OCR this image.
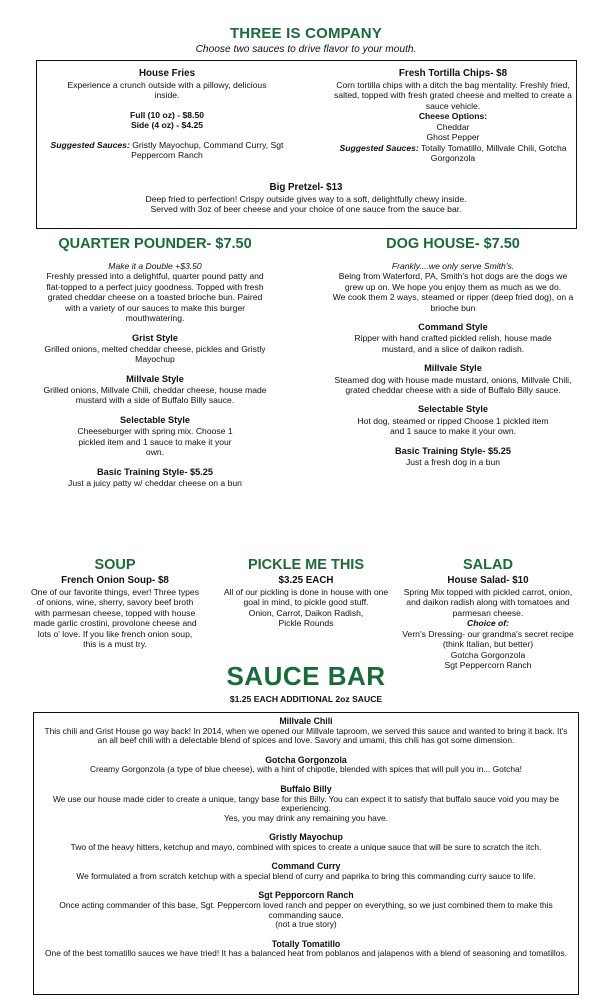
THREE IS COMPANY
Choose two sauces to drive flavor to your mouth.
House Fries
Experience a crunch outside with a pillowy, delicious inside.
Full (10 oz) - $8.50
Side (4 oz) - $4.25
Suggested Sauces: Gristly Mayochup, Command Curry, Sgt Peppercorn Ranch
Fresh Tortilla Chips- $8
Corn tortilla chips with a ditch the bag mentality. Freshly fried, salted, topped with fresh grated cheese and melted to create a sauce vehicle.
Cheese Options:
Cheddar
Ghost Pepper
Suggested Sauces: Totally Tomatillo, Millvale Chili, Gotcha Gorgonzola
Big Pretzel- $13
Deep fried to perfection! Crispy outside gives way to a soft, delightfully chewy inside.
Served with 3oz of beer cheese and your choice of one sauce from the sauce bar.
QUARTER POUNDER- $7.50
Make it a Double +$3.50
Freshly pressed into a delightful, quarter pound patty and flat-topped to a perfect juicy goodness. Topped with fresh grated cheddar cheese on a toasted brioche bun. Paired with a variety of our sauces to make this burger mouthwatering.
Grist Style
Grilled onions, melted cheddar cheese, pickles and Gristly Mayochup
Millvale Style
Grilled onions, Millvale Chili, cheddar cheese, house made mustard with a side of Buffalo Billy sauce.
Selectable Style
Cheeseburger with spring mix. Choose 1 pickled item and 1 sauce to make it your own.
Basic Training Style- $5.25
Just a juicy patty w/ cheddar cheese on a bun
DOG HOUSE- $7.50
Frankly....we only serve Smith's.
Being from Waterford, PA, Smith's hot dogs are the dogs we grew up on. We hope you enjoy them as much as we do.
We cook them 2 ways, steamed or ripper (deep fried dog), on a brioche bun
Command Style
Ripper with hand crafted pickled relish, house made mustard, and a slice of daikon radish.
Millvale Style
Steamed dog with house made mustard, onions, Millvale Chili, grated cheddar cheese with a side of Buffalo Billy sauce.
Selectable Style
Hot dog, steamed or ripped Choose 1 pickled item and 1 sauce to make it your own.
Basic Training Style- $5.25
Just a fresh dog in a bun
SOUP
French Onion Soup- $8
One of our favorite things, ever! Three types of onions, wine, sherry, savory beef broth with parmesan cheese, topped with house made garlic crostini, provolone cheese and lots o' love. If you like french onion soup, this is a must try.
PICKLE ME THIS
$3.25 EACH
All of our pickling is done in house with one goal in mind, to pickle good stuff.
Onion, Carrot, Daikon Radish, Pickle Rounds
SALAD
House Salad- $10
Spring Mix topped with pickled carrot, onion, and daikon radish along with tomatoes and parmesan cheese.
Choice of:
Vern's Dressing- our grandma's secret recipe (think Italian, but better)
Gotcha Gorgonzola
Sgt Peppercorn Ranch
SAUCE BAR
$1.25 EACH ADDITIONAL 2oz SAUCE
Millvale Chili
This chili and Grist House go way back! In 2014, when we opened our Millvale taproom, we served this sauce and wanted to bring it back. It's an all beef chili with a delectable blend of spices and love. Savory and umami, this chili has got some dimension.
Gotcha Gorgonzola
Creamy Gorgonzola (a type of blue cheese), with a hint of chipotle, blended with spices that will pull you in... Gotcha!
Buffalo Billy
We use our house made cider to create a unique, tangy base for this Billy. You can expect it to satisfy that buffalo sauce void you may be experiencing.
Yes, you may drink any remaining you have.
Gristly Mayochup
Two of the heavy hitters, ketchup and mayo, combined with spices to create a unique sauce that will be sure to scratch the itch.
Command Curry
We formulated a from scratch ketchup with a special blend of curry and paprika to bring this commanding curry sauce to life.
Sgt Pepporcorn Ranch
Once acting commander of this base, Sgt. Peppercorn loved ranch and pepper on everything, so we just combined them to make this commanding sauce.
(not a true story)
Totally Tomatillo
One of the best tomatillo sauces we have tried! It has a balanced heat from poblanos and jalapenos with a blend of seasoning and tomatillos.
